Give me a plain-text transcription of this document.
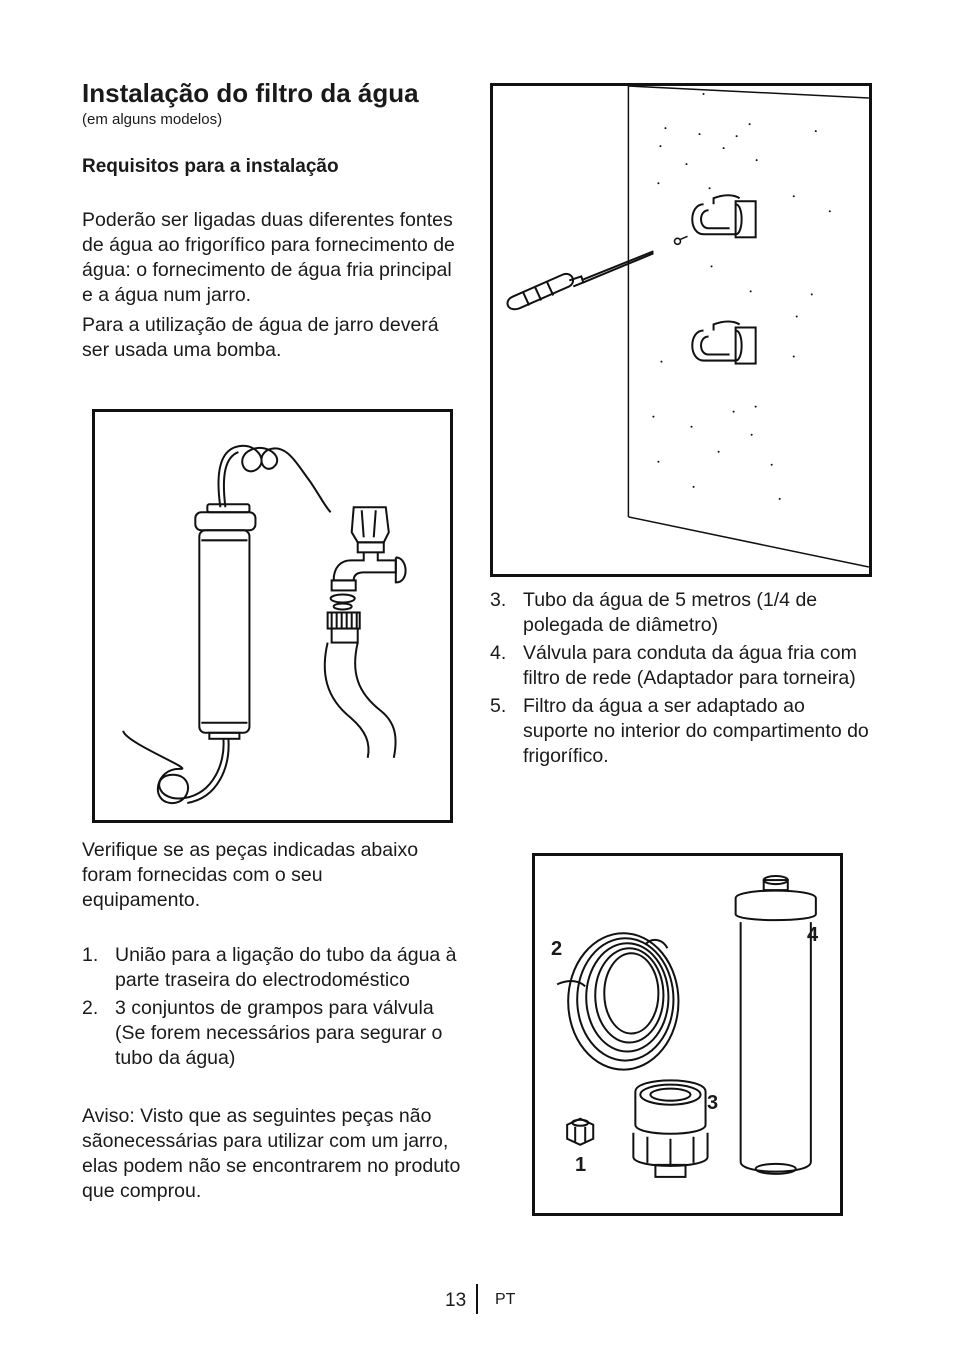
Instalação do filtro da água
(em alguns modelos)
Requisitos para a instalação

Poderão ser ligadas duas diferentes fontes de água ao frigorífico para fornecimento de água: o fornecimento de água fria principal e a água num jarro.

Para a utilização de água de jarro deverá ser usada uma bomba.

3. Tubo da água de 5 metros (1/4 de polegada de diâmetro)
4. Válvula para conduta da água fria com filtro de rede (Adaptador para torneira)
5. Filtro da água a ser adaptado ao suporte no interior do compartimento do frigorífico.

Verifique se as peças indicadas abaixo foram fornecidas com o seu equipamento.

1. União para a ligação do tubo da água à parte traseira do electrodoméstico
2. 3 conjuntos de grampos para válvula (Se forem necessários para segurar o tubo da água)

Aviso: Visto que as seguintes peças não sãonecessárias para utilizar com um jarro, elas podem não se encontrarem no produto que comprou.

2
4
3
1
13 PT
